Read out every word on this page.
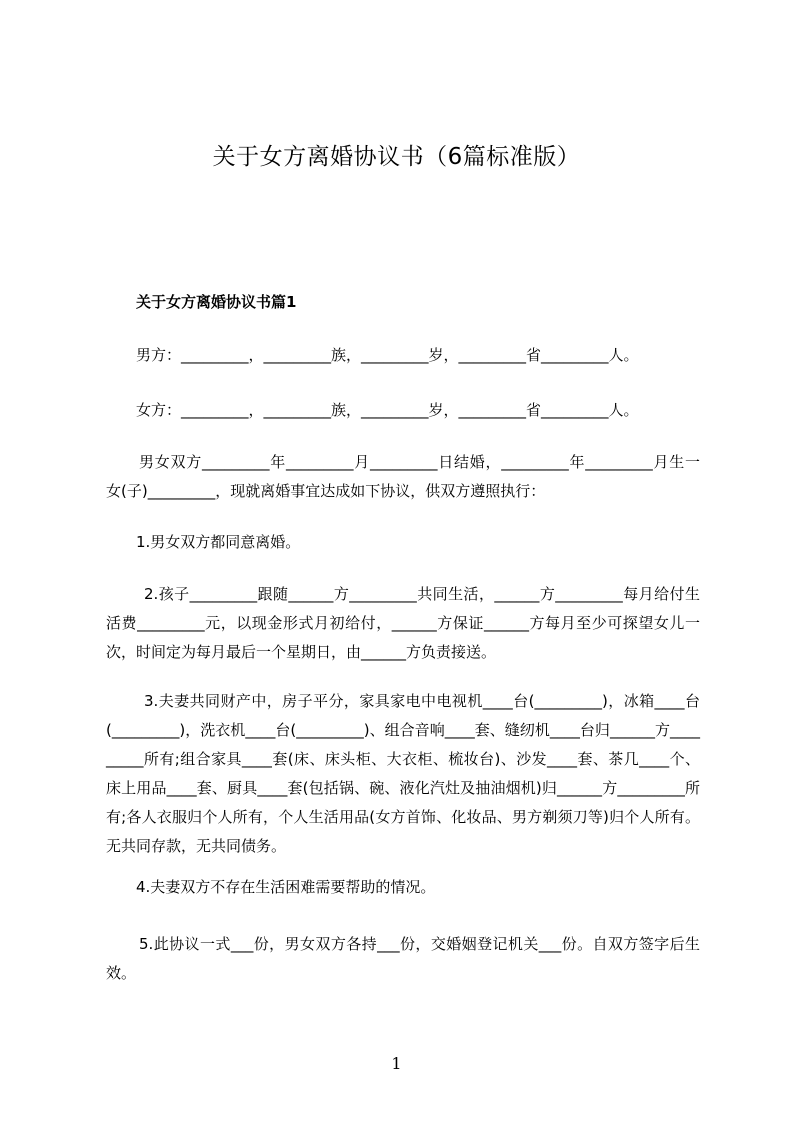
关于女方离婚协议书（6篇标准版）
关于女方离婚协议书篇1
男方：_________，_________族，_________岁，_________省_________人。
女方：_________，_________族，_________岁，_________省_________人。
男女双方_________年_________月_________日结婚，_________年_________月生一女(子)_________，现就离婚事宜达成如下协议，供双方遵照执行：
1.男女双方都同意离婚。
2.孩子_________跟随______方_________共同生活，______方_________每月给付生活费_________元，以现金形式月初给付，______方保证______方每月至少可探望女儿一次，时间定为每月最后一个星期日，由______方负责接送。
3.夫妻共同财产中，房子平分，家具家电中电视机____台(_________)，冰箱____台(_________)，洗衣机____台(_________)、组合音响____套、缝纫机____台归______方_________所有;组合家具____套(床、床头柜、大衣柜、梳妆台)、沙发____套、茶几____个、床上用品____套、厨具____套(包括锅、碗、液化汽灶及抽油烟机)归______方_________所有;各人衣服归个人所有，个人生活用品(女方首饰、化妆品、男方剃须刀等)归个人所有。无共同存款，无共同债务。
4.夫妻双方不存在生活困难需要帮助的情况。
5.此协议一式___份，男女双方各持___份，交婚姻登记机关___份。自双方签字后生效。
1
